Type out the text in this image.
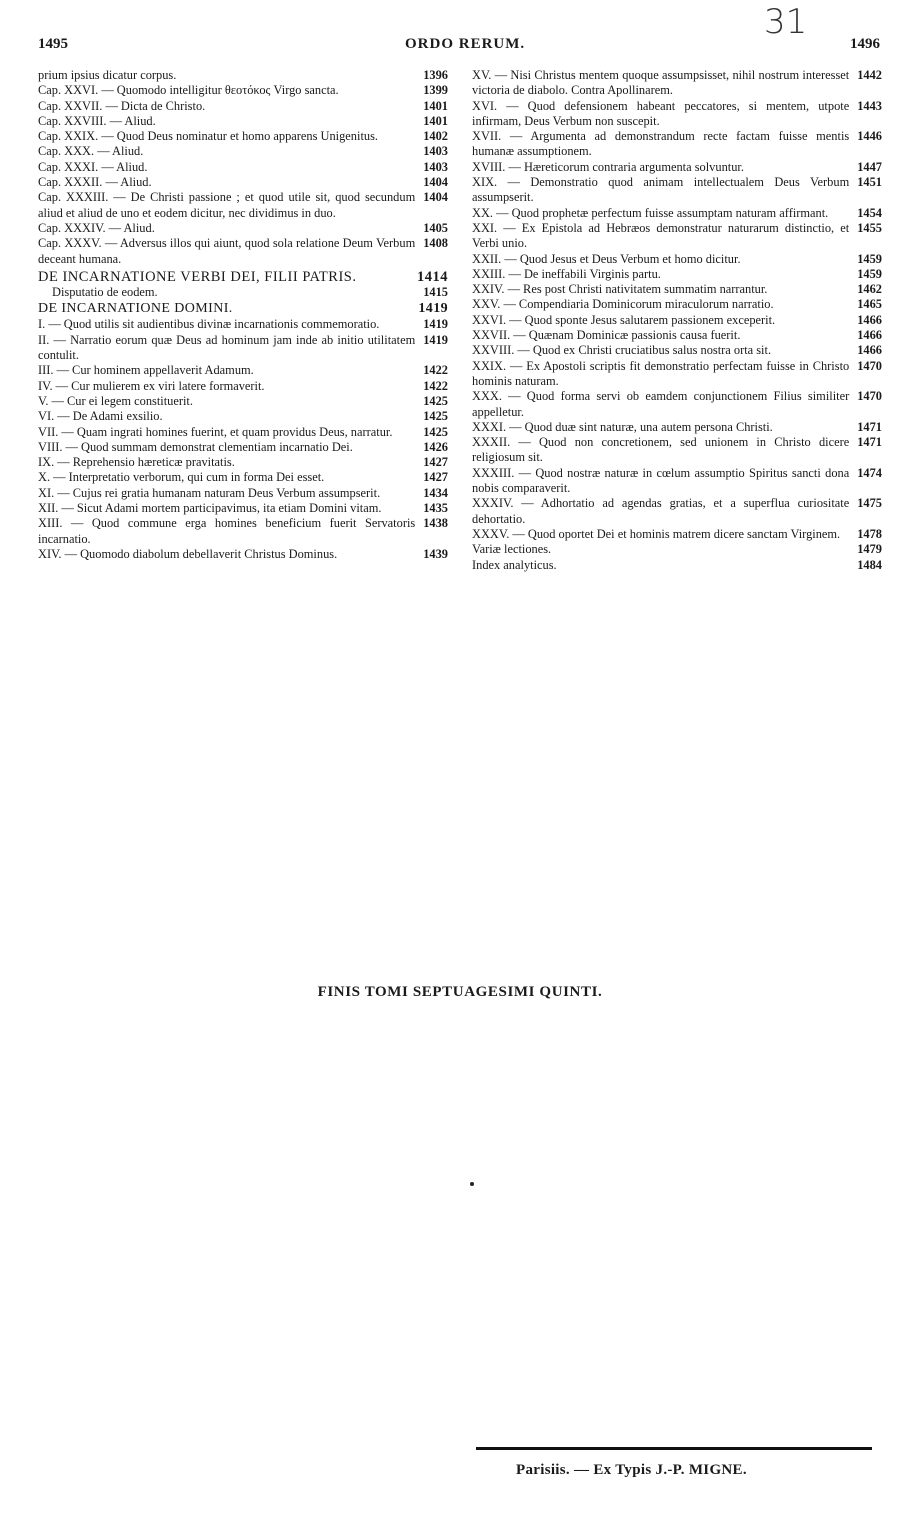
31
1495	ORDO RERUM.	1496
1396
prium ipsius dicatur corpus.
1399
Cap. XXVI. — Quomodo intelligitur θεοτόκος Virgo sancta.
1401
Cap. XXVII. — Dicta de Christo.
1401
Cap. XXVIII. — Aliud.
1402
Cap. XXIX. — Quod Deus nominatur et homo apparens Unigenitus.
1403
Cap. XXX. — Aliud.
1403
Cap. XXXI. — Aliud.
1404
Cap. XXXII. — Aliud.
1404
Cap. XXXIII. — De Christi passione ; et quod utile sit, quod secundum aliud et aliud de uno et eodem dicitur, nec dividimus in duo.
1405
Cap. XXXIV. — Aliud.
1408
Cap. XXXV. — Adversus illos qui aiunt, quod sola relatione Deum Verbum deceant humana.
1414
DE INCARNATIONE VERBI DEI, FILII PATRIS.
1415
Disputatio de eodem.
1419
DE INCARNATIONE DOMINI.
1419
I. — Quod utilis sit audientibus divinæ incarnationis commemoratio.
1419
II. — Narratio eorum quæ Deus ad hominum jam inde ab initio utilitatem contulit.
1422
III. — Cur hominem appellaverit Adamum.
1422
IV. — Cur mulierem ex viri latere formaverit.
1425
V. — Cur ei legem constituerit.
1425
VI. — De Adami exsilio.
1425
VII. — Quam ingrati homines fuerint, et quam providus Deus, narratur.
1426
VIII. — Quod summam demonstrat clementiam incarnatio Dei.
1427
IX. — Reprehensio hæreticæ pravitatis.
1427
X. — Interpretatio verborum, qui cum in forma Dei esset.
1434
XI. — Cujus rei gratia humanam naturam Deus Verbum assumpserit.
1435
XII. — Sicut Adami mortem participavimus, ita etiam Domini vitam.
1438
XIII. — Quod commune erga homines beneficium fuerit Servatoris incarnatio.
1439
XIV. — Quomodo diabolum debellaverit Christus Dominus.
1442
XV. — Nisi Christus mentem quoque assumpsisset, nihil nostrum interesset victoria de diabolo. Contra Apollinarem.
1443
XVI. — Quod defensionem habeant peccatores, si mentem, utpote infirmam, Deus Verbum non suscepit.
1446
XVII. — Argumenta ad demonstrandum recte factam fuisse mentis humanæ assumptionem.
1447
XVIII. — Hæreticorum contraria argumenta solvuntur.
1451
XIX. — Demonstratio quod animam intellectualem Deus Verbum assumpserit.
1454
XX. — Quod prophetæ perfectum fuisse assumptam naturam affirmant.
1455
XXI. — Ex Epistola ad Hebræos demonstratur naturarum distinctio, et Verbi unio.
1459
XXII. — Quod Jesus et Deus Verbum et homo dicitur.
1459
XXIII. — De ineffabili Virginis partu.
1462
XXIV. — Res post Christi nativitatem summatim narrantur.
1465
XXV. — Compendiaria Dominicorum miraculorum narratio.
1466
XXVI. — Quod sponte Jesus salutarem passionem exceperit.
1466
XXVII. — Quænam Dominicæ passionis causa fuerit.
1466
XXVIII. — Quod ex Christi cruciatibus salus nostra orta sit.
1470
XXIX. — Ex Apostoli scriptis fit demonstratio perfectam fuisse in Christo hominis naturam.
1470
XXX. — Quod forma servi ob eamdem conjunctionem Filius similiter appelletur.
1471
XXXI. — Quod duæ sint naturæ, una autem persona Christi.
1471
XXXII. — Quod non concretionem, sed unionem in Christo dicere religiosum sit.
1474
XXXIII. — Quod nostræ naturæ in cœlum assumptio Spiritus sancti dona nobis comparaverit.
1475
XXXIV. — Adhortatio ad agendas gratias, et a superflua curiositate dehortatio.
1478
XXXV. — Quod oportet Dei et hominis matrem dicere sanctam Virginem.
1479
Variæ lectiones.
1484
Index analyticus.
FINIS TOMI SEPTUAGESIMI QUINTI.
Parisiis. — Ex Typis J.-P. MIGNE.
